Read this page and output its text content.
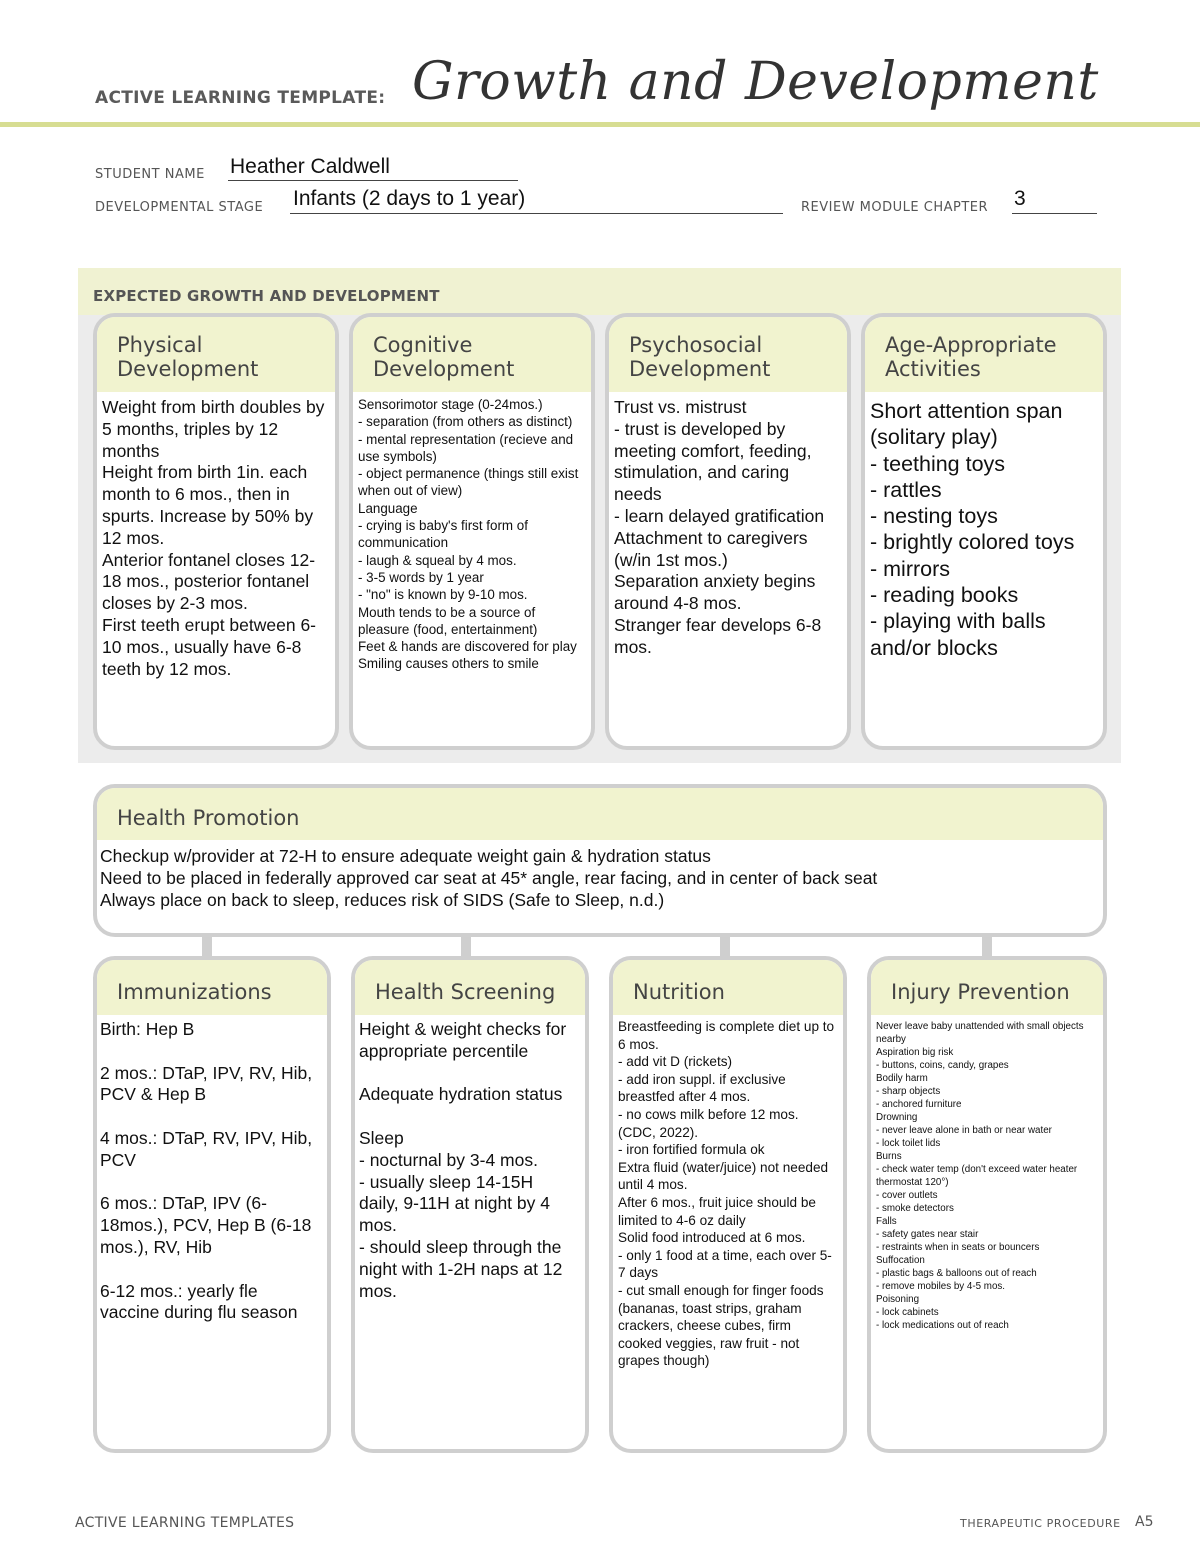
ACTIVE LEARNING TEMPLATE: Growth and Development
STUDENT NAME Heather Caldwell
DEVELOPMENTAL STAGE Infants (2 days to 1 year)	REVIEW MODULE CHAPTER 3
EXPECTED GROWTH AND DEVELOPMENT
Physical
Development
Weight from birth doubles by 5 months, triples by 12 months
Height from birth 1in. each month to 6 mos., then in spurts. Increase by 50% by 12 mos.
Anterior fontanel closes 12-18 mos., posterior fontanel closes by 2-3 mos.
First teeth erupt between 6-10 mos., usually have 6-8 teeth by 12 mos.
Cognitive
Development
Sensorimotor stage (0-24mos.)
- separation (from others as distinct)
- mental representation (recieve and use symbols)
- object permanence (things still exist when out of view)
Language
- crying is baby's first form of communication
- laugh & squeal by 4 mos.
- 3-5 words by 1 year
- "no" is known by 9-10 mos.
Mouth tends to be a source of pleasure (food, entertainment)
Feet & hands are discovered for play
Smiling causes others to smile
Psychosocial
Development
Trust vs. mistrust
- trust is developed by meeting comfort, feeding, stimulation, and caring needs
- learn delayed gratification
Attachment to caregivers (w/in 1st mos.)
Separation anxiety begins around 4-8 mos.
Stranger fear develops 6-8 mos.
Age-Appropriate
Activities
Short attention span (solitary play)
- teething toys
- rattles
- nesting toys
- brightly colored toys
- mirrors
- reading books
- playing with balls and/or blocks
Health Promotion
Checkup w/provider at 72-H to ensure adequate weight gain & hydration status
Need to be placed in federally approved car seat at 45* angle, rear facing, and in center of back seat
Always place on back to sleep, reduces risk of SIDS (Safe to Sleep, n.d.)
Immunizations
Birth: Hep B

2 mos.: DTaP, IPV, RV, Hib, PCV & Hep B

4 mos.: DTaP, RV, IPV, Hib, PCV

6 mos.: DTaP, IPV (6-18mos.), PCV, Hep B (6-18 mos.), RV, Hib

6-12 mos.: yearly fle vaccine during flu season
Health Screening
Height & weight checks for appropriate percentile

Adequate hydration status

Sleep
- nocturnal by 3-4 mos.
- usually sleep 14-15H daily, 9-11H at night by 4 mos.
- should sleep through the night with 1-2H naps at 12 mos.
Nutrition
Breastfeeding is complete diet up to 6 mos.
- add vit D (rickets)
- add iron suppl. if exclusive breastfed after 4 mos.
- no cows milk before 12 mos. (CDC, 2022).
- iron fortified formula ok
Extra fluid (water/juice) not needed until 4 mos.
After 6 mos., fruit juice should be limited to 4-6 oz daily
Solid food introduced at 6 mos.
- only 1 food at a time, each over 5-7 days
- cut small enough for finger foods (bananas, toast strips, graham crackers, cheese cubes, firm cooked veggies, raw fruit - not grapes though)
Injury Prevention
Never leave baby unattended with small objects nearby
Aspiration big risk
- buttons, coins, candy, grapes
Bodily harm
- sharp objects
- anchored furniture
Drowning
- never leave alone in bath or near water
- lock toilet lids
Burns
- check water temp (don't exceed water heater thermostat 120°)
- cover outlets
- smoke detectors
Falls
- safety gates near stair
- restraints when in seats or bouncers
Suffocation
- plastic bags & balloons out of reach
- remove mobiles by 4-5 mos.
Poisoning
- lock cabinets
- lock medications out of reach
ACTIVE LEARNING TEMPLATES	THERAPEUTIC PROCEDURE A5
